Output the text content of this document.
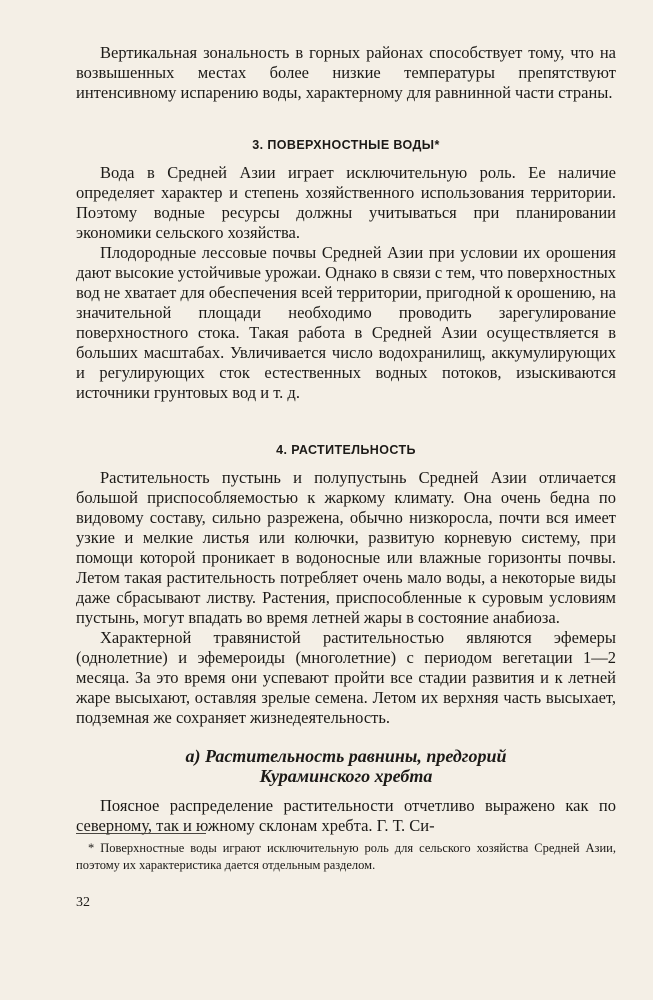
Вертикальная зональность в горных районах способствует тому, что на возвышенных местах более низкие температуры препятствуют интенсивному испарению воды, характерному для равнинной части страны.

3. ПОВЕРХНОСТНЫЕ ВОДЫ*

Вода в Средней Азии играет исключительную роль. Ее наличие определяет характер и степень хозяйственного использования территории. Поэтому водные ресурсы должны учитываться при планировании экономики сельского хозяйства.

Плодородные лессовые почвы Средней Азии при условии их орошения дают высокие устойчивые урожаи. Однако в связи с тем, что поверхностных вод не хватает для обеспечения всей территории, пригодной к орошению, на значительной площади необходимо проводить зарегулирование поверхностного стока. Такая работа в Средней Азии осуществляется в больших масштабах. Увличивается число водохранилищ, аккумулирующих и регулирующих сток естественных водных потоков, изыскиваются источники грунтовых вод и т. д.

4. РАСТИТЕЛЬНОСТЬ

Растительность пустынь и полупустынь Средней Азии отличается большой приспособляемостью к жаркому климату. Она очень бедна по видовому составу, сильно разрежена, обычно низкоросла, почти вся имеет узкие и мелкие листья или колючки, развитую корневую систему, при помощи которой проникает в водоносные или влажные горизонты почвы. Летом такая растительность потребляет очень мало воды, а некоторые виды даже сбрасывают листву. Растения, приспособленные к суровым условиям пустынь, могут впадать во время летней жары в состояние анабиоза.

Характерной травянистой растительностью являются эфемеры (однолетние) и эфемероиды (многолетние) с периодом вегетации 1—2 месяца. За это время они успевают пройти все стадии развития и к летней жаре высыхают, оставляя зрелые семена. Летом их верхняя часть высыхает, подземная же сохраняет жизнедеятельность.

а) Растительность равнины, предгорий
Кураминского хребта

Поясное распределение растительности отчетливо выражено как по северному, так и южному склонам хребта. Г. Т. Си-

* Поверхностные воды играют исключительную роль для сельского хозяйства Средней Азии, поэтому их характеристика дается отдельным разделом.

32
